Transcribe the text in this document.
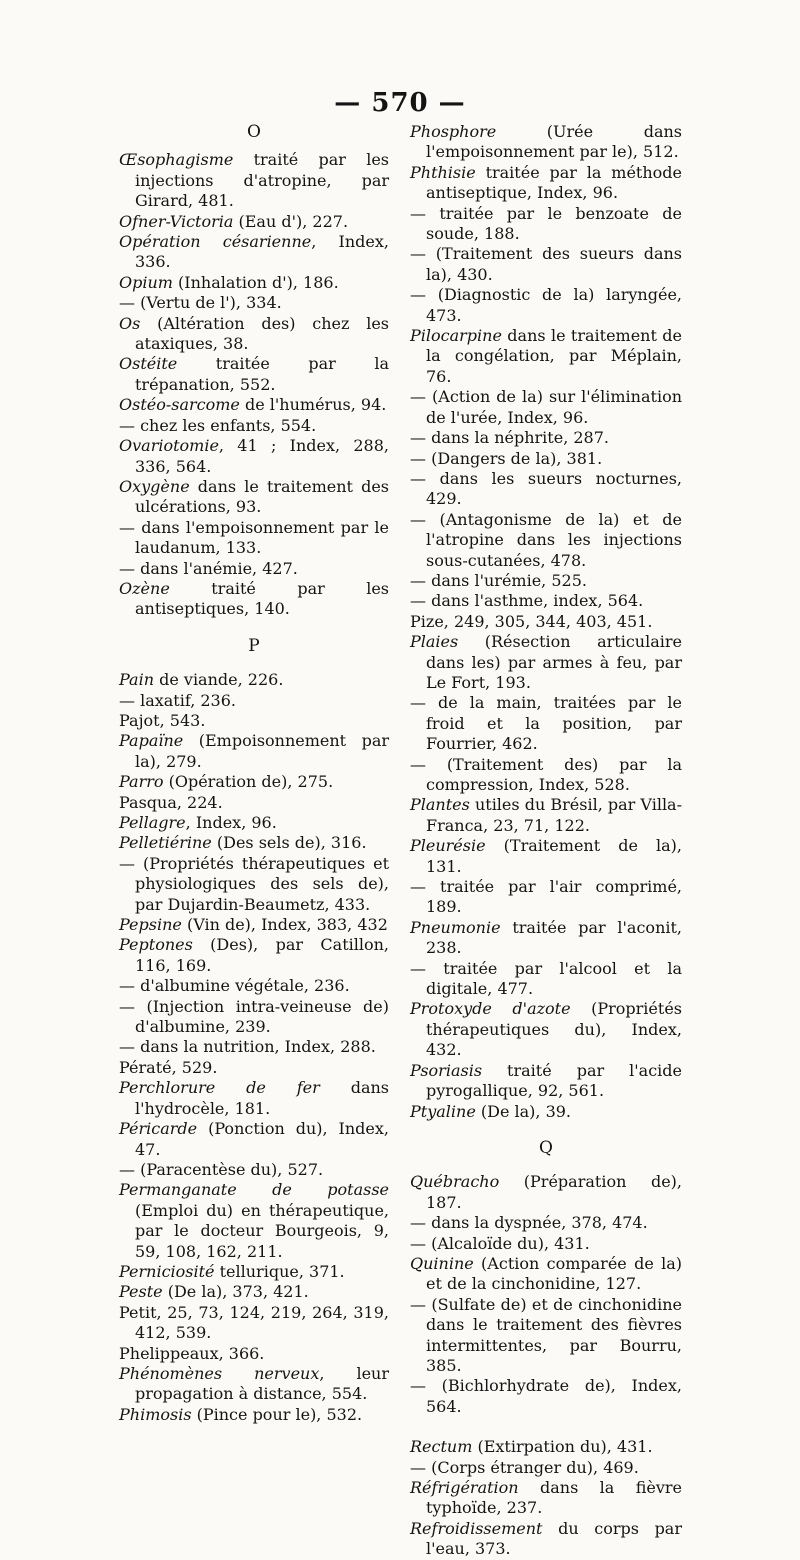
— 570 —
O

Œsophagisme traité par les injections d'atropine, par Girard, 481.

Ofner-Victoria (Eau d'), 227.

Opération césarienne, Index, 336.

Opium (Inhalation d'), 186.

— (Vertu de l'), 334.

Os (Altération des) chez les ataxiques, 38.

Ostéite traitée par la trépanation, 552.

Ostéo-sarcome de l'humérus, 94.

— chez les enfants, 554.

Ovariotomie, 41 ; Index, 288, 336, 564.

Oxygène dans le traitement des ulcérations, 93.

— dans l'empoisonnement par le laudanum, 133.

— dans l'anémie, 427.

Ozène traité par les antiseptiques, 140.

P

Pain de viande, 226.

— laxatif, 236.

Pajot, 543.

Papaïne (Empoisonnement par la), 279.

Parro (Opération de), 275.

Pasqua, 224.

Pellagre, Index, 96.

Pelletiérine (Des sels de), 316.

— (Propriétés thérapeutiques et physiologiques des sels de), par Dujardin-Beaumetz, 433.

Pepsine (Vin de), Index, 383, 432

Peptones (Des), par Catillon, 116, 169.

— d'albumine végétale, 236.

— (Injection intra-veineuse de) d'albumine, 239.

— dans la nutrition, Index, 288.

Pératé, 529.

Perchlorure de fer dans l'hydrocèle, 181.

Péricarde (Ponction du), Index, 47.

— (Paracentèse du), 527.

Permanganate de potasse (Emploi du) en thérapeutique, par le docteur Bourgeois, 9, 59, 108, 162, 211.

Perniciosité tellurique, 371.

Peste (De la), 373, 421.

Petit, 25, 73, 124, 219, 264, 319, 412, 539.

Phelippeaux, 366.

Phénomènes nerveux, leur propagation à distance, 554.

Phimosis (Pince pour le), 532.

Phosphore (Urée dans l'empoisonnement par le), 512.

Phthisie traitée par la méthode antiseptique, Index, 96.

— traitée par le benzoate de soude, 188.

— (Traitement des sueurs dans la), 430.

— (Diagnostic de la) laryngée, 473.

Pilocarpine dans le traitement de la congélation, par Méplain, 76.

— (Action de la) sur l'élimination de l'urée, Index, 96.

— dans la néphrite, 287.

— (Dangers de la), 381.

— dans les sueurs nocturnes, 429.

— (Antagonisme de la) et de l'atropine dans les injections sous-cutanées, 478.

— dans l'urémie, 525.

— dans l'asthme, index, 564.

Pize, 249, 305, 344, 403, 451.

Plaies (Résection articulaire dans les) par armes à feu, par Le Fort, 193.

— de la main, traitées par le froid et la position, par Fourrier, 462.

— (Traitement des) par la compression, Index, 528.

Plantes utiles du Brésil, par Villa-Franca, 23, 71, 122.

Pleurésie (Traitement de la), 131.

— traitée par l'air comprimé, 189.

Pneumonie traitée par l'aconit, 238.

— traitée par l'alcool et la digitale, 477.

Protoxyde d'azote (Propriétés thérapeutiques du), Index, 432.

Psoriasis traité par l'acide pyrogallique, 92, 561.

Ptyaline (De la), 39.

Q

Québracho (Préparation de), 187.

— dans la dyspnée, 378, 474.

— (Alcaloïde du), 431.

Quinine (Action comparée de la) et de la cinchonidine, 127.

— (Sulfate de) et de cinchonidine dans le traitement des fièvres intermittentes, par Bourru, 385.

— (Bichlorhydrate de), Index, 564.

Rectum (Extirpation du), 431.

— (Corps étranger du), 469.

Réfrigération dans la fièvre typhoïde, 237.

Refroidissement du corps par l'eau, 373.
